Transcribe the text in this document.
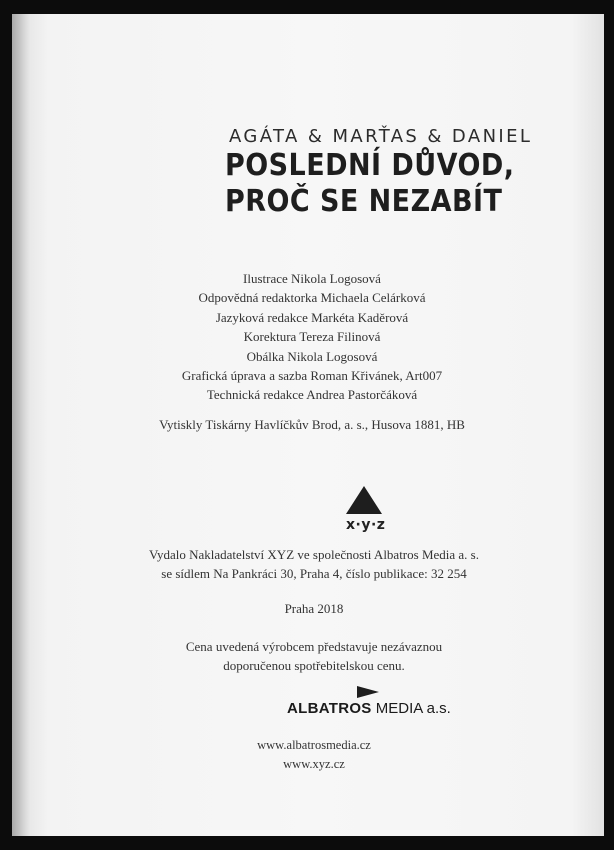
AGÁTA & MARŤAS & DANIEL

POSLEDNÍ DŮVOD,
PROČ SE NEZABÍT
Ilustrace Nikola Logosová
Odpovědná redaktorka Michaela Celárková
Jazyková redakce Markéta Kaděrová
Korektura Tereza Filinová
Obálka Nikola Logosová
Grafická úprava a sazba Roman Křivánek, Art007
Technická redakce Andrea Pastorčáková

Vytiskly Tiskárny Havlíčkův Brod, a. s., Husova 1881, HB

x·y·z

Vydalo Nakladatelství XYZ ve společnosti Albatros Media a. s.
se sídlem Na Pankráci 30, Praha 4, číslo publikace: 32 254

Praha 2018

Cena uvedená výrobcem představuje nezávaznou
doporučenou spotřebitelskou cenu.

ALBATROS MEDIA a.s.

www.albatrosmedia.cz
www.xyz.cz
